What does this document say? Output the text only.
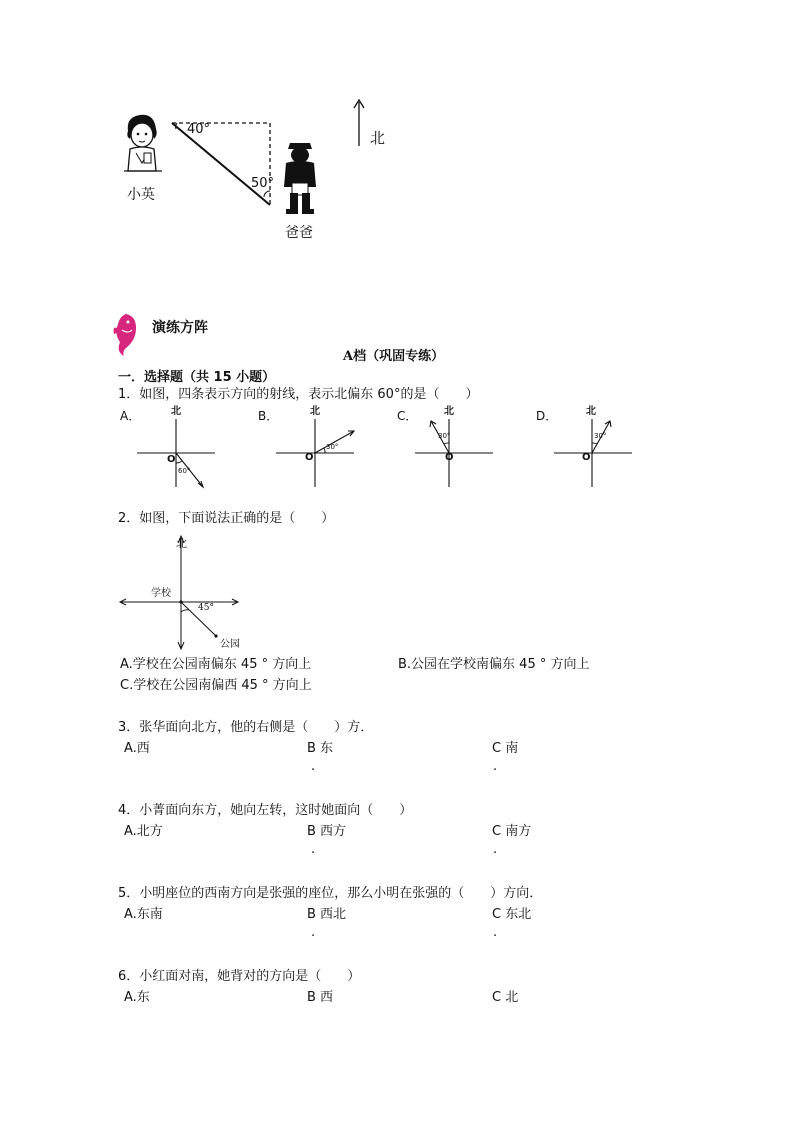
40°
50°
小英
爸爸
北
演练方阵
A档（巩固专练）
一．选择题（共 15 小题）
1．如图，四条表示方向的射线，表示北偏东 60°的是（　　）
A．	北
O
60°
B．	北
O
30°
C．	北
O
30°
D．	北
O
30°
2．如图，下面说法正确的是（　　）
北
学校
45°
公园
A.学校在公园南偏东 45 ° 方向上	B.公园在学校南偏东 45 ° 方向上
C.学校在公园南偏西 45 ° 方向上
3．张华面向北方，他的右侧是（　　）方．
A.西	B 东	C 南
.	.
4．小菁面向东方，她向左转，这时她面向（　　）
A.北方	B 西方	C 南方
.	.
5．小明座位的西南方向是张强的座位，那么小明在张强的（　　）方向．
A.东南	B 西北	C 东北
.	.
6．小红面对南，她背对的方向是（　　）
A.东	B 西	C 北
